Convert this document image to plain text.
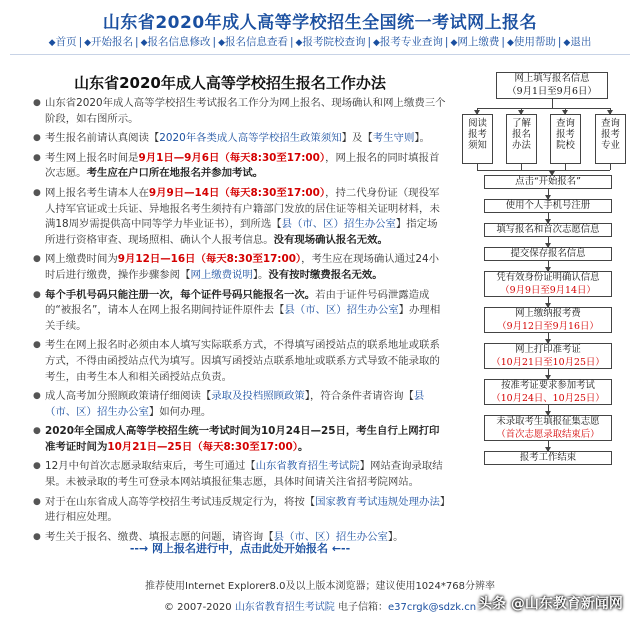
山东省2020年成人高等学校招生全国统一考试网上报名
◆首页 | ◆开始报名 | ◆报名信息修改 | ◆报名信息查看 | ◆报考院校查询 | ◆报考专业查询 | ◆网上缴费 | ◆使用帮助 | ◆退出
山东省2020年成人高等学校招生报名工作办法
● 山东省2020年成人高等学校招生考试报名工作分为网上报名、现场确认和网上缴费三个阶段，如右图所示。
● 考生报名前请认真阅读【2020年各类成人高等学校招生政策须知】及【考生守则】。
● 考生网上报名时间是9月1日—9月6日（每天8:30至17:00），网上报名的同时填报首次志愿。考生应在户口所在地报名并参加考试。
● 网上报名考生请本人在9月9日—14日（每天8:30至17:00），持二代身份证（现役军人持军官证或士兵证、异地报名考生须持有户籍部门发放的居住证等相关证明材料，未满18周岁需提供高中同等学力毕业证书），到所选【县（市、区）招生办公室】指定场所进行资格审查、现场照相、确认个人报考信息。没有现场确认报名无效。
● 网上缴费时间为9月12日—16日（每天8:30至17:00），考生应在现场确认通过24小时后进行缴费，操作步骤参阅【网上缴费说明】。没有按时缴费报名无效。
● 每个手机号码只能注册一次，每个证件号码只能报名一次。若由于证件号码泄露造成的“被报名”，请本人在网上报名期间持证件原件去【县（市、区）招生办公室】办理相关手续。
● 考生在网上报名时必须由本人填写实际联系方式，不得填写函授站点的联系地址或联系方式，不得由函授站点代为填写。因填写函授站点联系地址或联系方式导致不能录取的考生，由考生本人和相关函授站点负责。
● 成人高考加分照顾政策请仔细阅读【录取及投档照顾政策】，符合条件者请咨询【县（市、区）招生办公室】如何办理。
● 2020年全国成人高等学校招生统一考试时间为10月24日—25日，考生自行上网打印准考证时间为10月21日—25日（每天8:30至17:00）。
● 12月中旬首次志愿录取结束后，考生可通过【山东省教育招生考试院】网站查询录取结果。未被录取的考生可登录本网站填报征集志愿，具体时间请关注省招考院网站。
● 对于在山东省成人高等学校招生考试违反规定行为，将按【国家教育考试违规处理办法】进行相应处理。
● 考生关于报名、缴费、填报志愿的问题，请咨询【县（市、区）招生办公室】。
--→ 网上报名进行中，点击此处开始报名 ←--
网上填写报名信息
（9月1日至9月6日）
阅读报考须知
了解报名办法
查询报考院校
查询报考专业
点击“开始报名”
使用个人手机号注册
填写报名和首次志愿信息
提交保存报名信息
凭有效身份证明确认信息
（9月9日至9月14日）
网上缴纳报考费
（9月12日至9月16日）
网上打印准考证
（10月21日至10月25日）
按准考证要求参加考试
（10月24日、10月25日）
未录取考生填报征集志愿
（首次志愿录取结束后）
报考工作结束
推荐使用Internet Explorer8.0及以上版本浏览器；建议使用1024*768分辨率
© 2007-2020 山东省教育招生考试院 电子信箱：e37crgk@sdzk.cn 头条 @山东教育新闻网
